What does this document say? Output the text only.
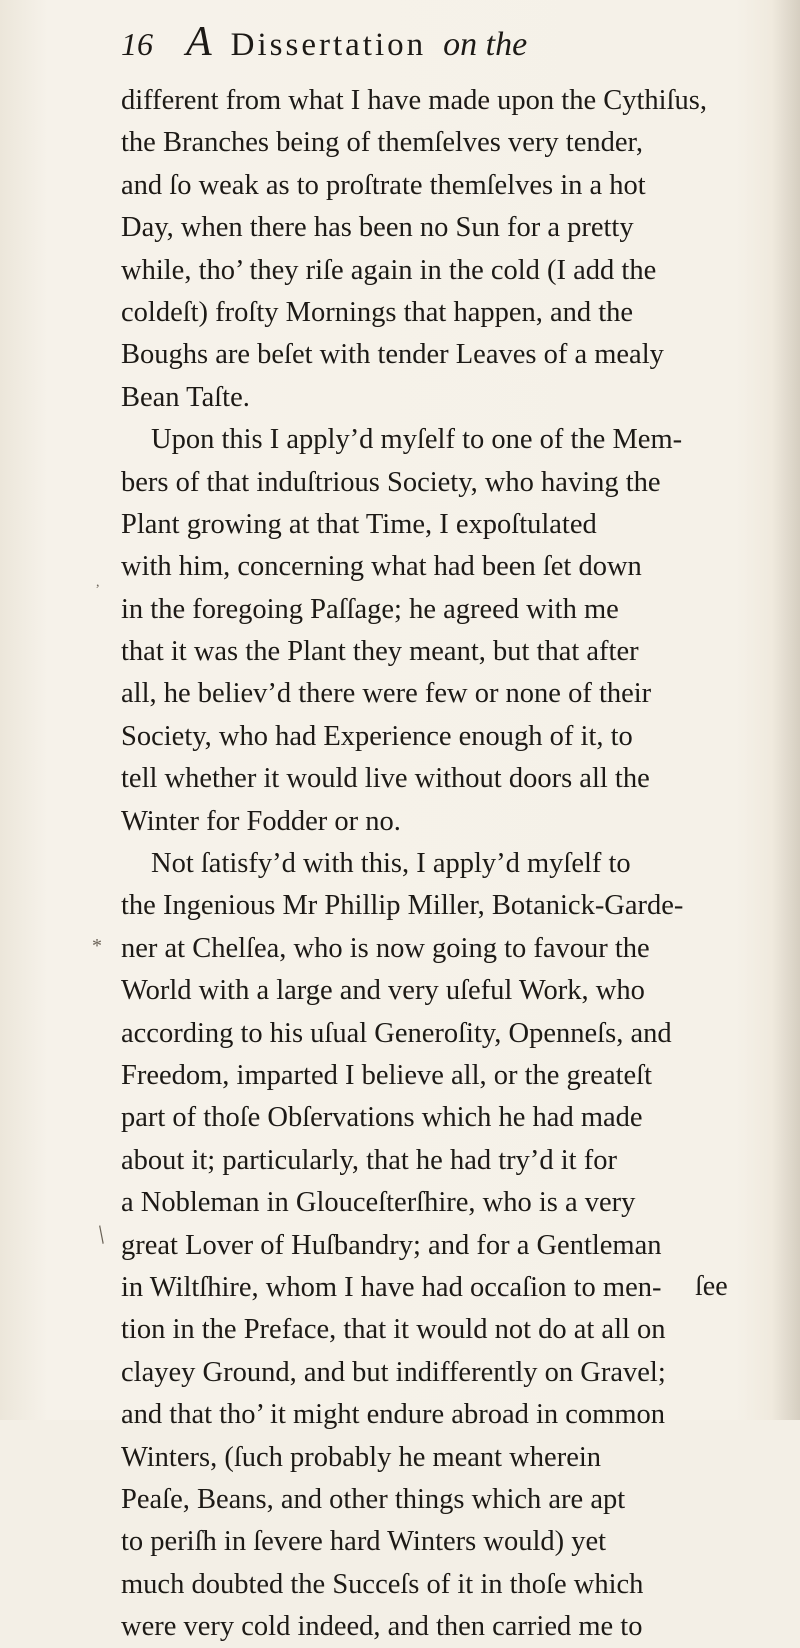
16 A Dissertation on the
different from what I have made upon the Cythiſus,
the Branches being of themſelves very tender,
and ſo weak as to proſtrate themſelves in a hot
Day, when there has been no Sun for a pretty
while, tho’ they riſe again in the cold (I add the
coldeſt) froſty Mornings that happen, and the
Boughs are beſet with tender Leaves of a mealy
Bean Taſte.
Upon this I apply’d myſelf to one of the Mem-
bers of that induſtrious Society, who having the
Plant growing at that Time, I expoſtulated
with him, concerning what had been ſet down
in the foregoing Paſſage; he agreed with me
that it was the Plant they meant, but that after
all, he believ’d there were few or none of their
Society, who had Experience enough of it, to
tell whether it would live without doors all the
Winter for Fodder or no.
Not ſatisfy’d with this, I apply’d myſelf to
the Ingenious Mr Phillip Miller, Botanick-Garde-
ner at Chelſea, who is now going to favour the
World with a large and very uſeful Work, who
according to his uſual Generoſity, Openneſs, and
Freedom, imparted I believe all, or the greateſt
part of thoſe Obſervations which he had made
about it; particularly, that he had try’d it for
a Nobleman in Glouceſterſhire, who is a very
great Lover of Huſbandry; and for a Gentleman
in Wiltſhire, whom I have had occaſion to men-
tion in the Preface, that it would not do at all on
clayey Ground, and but indifferently on Gravel;
and that tho’ it might endure abroad in common
Winters, (ſuch probably he meant wherein
Peaſe, Beans, and other things which are apt
to periſh in ſevere hard Winters would) yet
much doubted the Succeſs of it in thoſe which
were very cold indeed, and then carried me to
ſee
*
/
,
